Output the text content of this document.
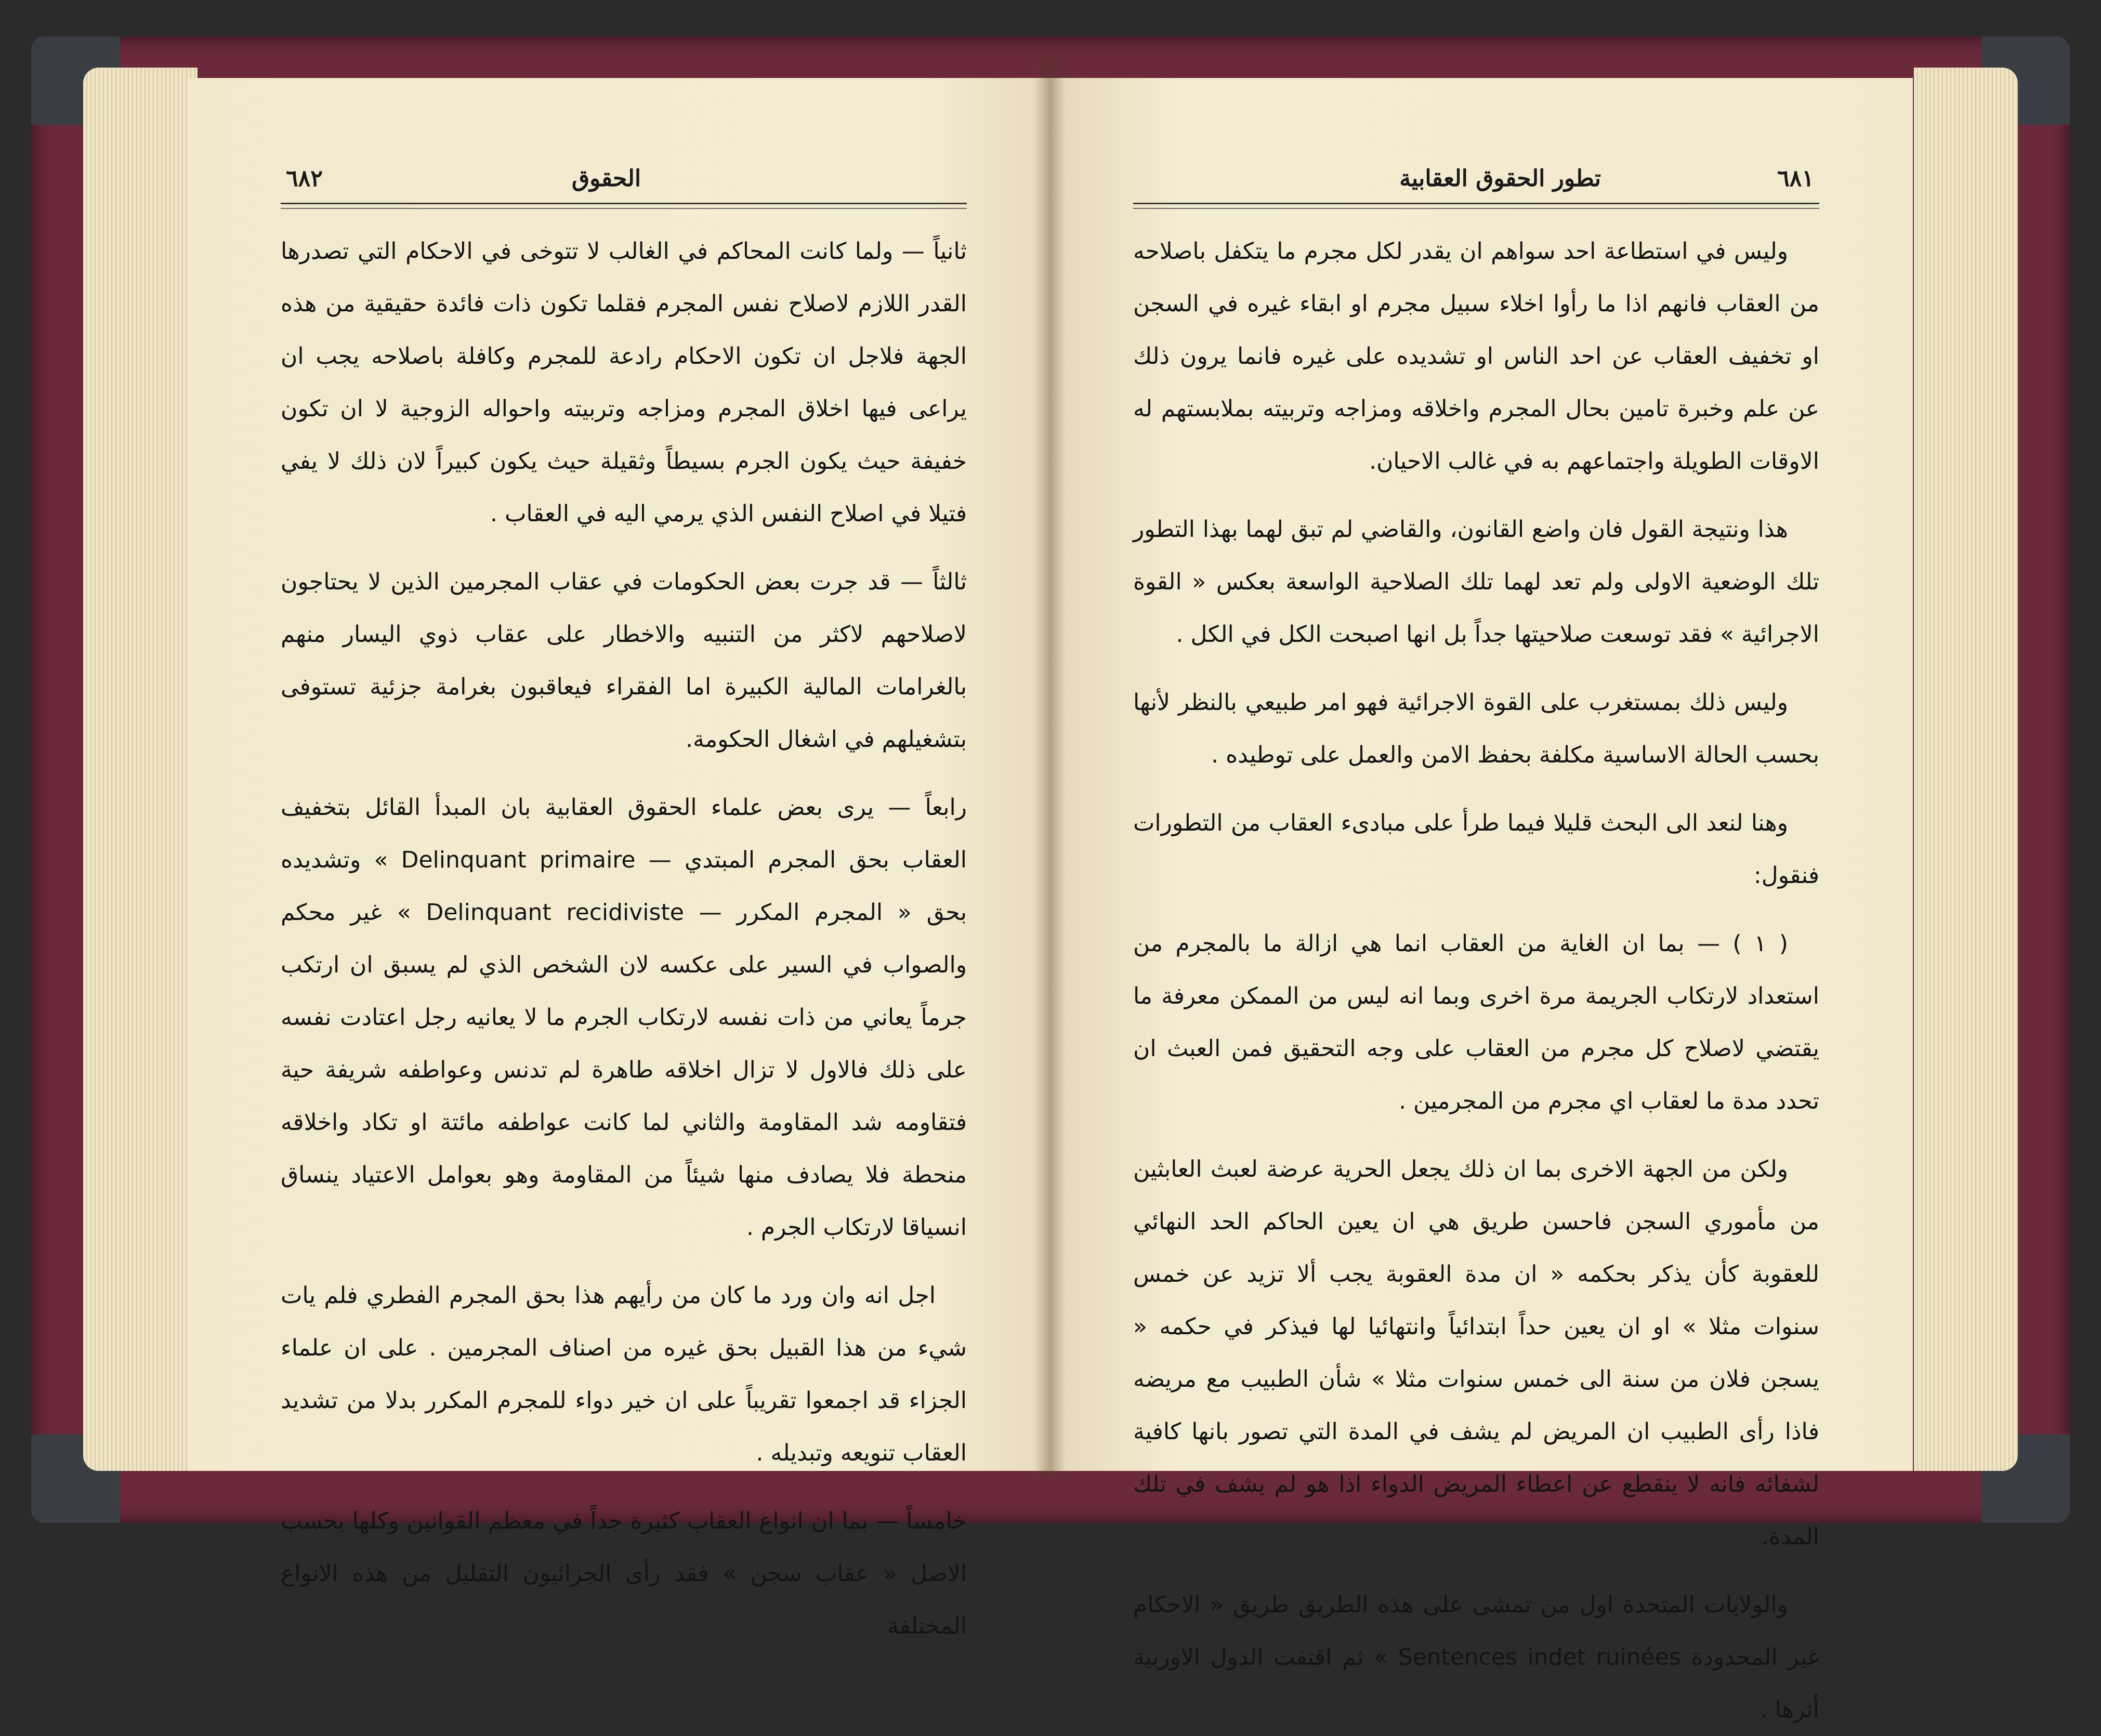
٦٨٢	الحقوق

ثانياً — ولما كانت المحاكم في الغالب لا تتوخى في الاحكام التي تصدرها القدر اللازم لاصلاح نفس المجرم فقلما تكون ذات فائدة حقيقية من هذه الجهة فلاجل ان تكون الاحكام رادعة للمجرم وكافلة باصلاحه يجب ان يراعى فيها اخلاق المجرم ومزاجه وتربيته واحواله الزوجية لا ان تكون خفيفة حيث يكون الجرم بسيطاً وثقيلة حيث يكون كبيراً لان ذلك لا يفي فتيلا في اصلاح النفس الذي يرمي اليه في العقاب .

ثالثاً — قد جرت بعض الحكومات في عقاب المجرمين الذين لا يحتاجون لاصلاحهم لاكثر من التنبيه والاخطار على عقاب ذوي اليسار منهم بالغرامات المالية الكبيرة اما الفقراء فيعاقبون بغرامة جزئية تستوفى بتشغيلهم في اشغال الحكومة.

رابعاً — يرى بعض علماء الحقوق العقابية بان المبدأ القائل بتخفيف العقاب بحق المجرم المبتدي — Delinquant primaire » وتشديده بحق « المجرم المكرر — Delinquant recidiviste » غير محكم والصواب في السير على عكسه لان الشخص الذي لم يسبق ان ارتكب جرماً يعاني من ذات نفسه لارتكاب الجرم ما لا يعانيه رجل اعتادت نفسه على ذلك فالاول لا تزال اخلاقه طاهرة لم تدنس وعواطفه شريفة حية فتقاومه شد المقاومة والثاني لما كانت عواطفه مائتة او تكاد واخلاقه منحطة فلا يصادف منها شيئاً من المقاومة وهو بعوامل الاعتياد ينساق انسياقا لارتكاب الجرم .

اجل انه وان ورد ما كان من رأيهم هذا بحق المجرم الفطري فلم يات شيء من هذا القبيل بحق غيره من اصناف المجرمين . على ان علماء الجزاء قد اجمعوا تقريباً على ان خير دواء للمجرم المكرر بدلا من تشديد العقاب تنويعه وتبديله .

خامساً — بما ان انواع العقاب كثيرة جداً في معظم القوانين وكلها بحسب الاصل « عقاب سجن » فقد رأى الجزائيون التقليل من هذه الانواع المختلفة

٦٨١
تطور الحقوق العقابية

وليس في استطاعة احد سواهم ان يقدر لكل مجرم ما يتكفل باصلاحه من العقاب فانهم اذا ما رأوا اخلاء سبيل مجرم او ابقاء غيره في السجن او تخفيف العقاب عن احد الناس او تشديده على غيره فانما يرون ذلك عن علم وخبرة تامين بحال المجرم واخلاقه ومزاجه وتربيته بملابستهم له الاوقات الطويلة واجتماعهم به في غالب الاحيان.

هذا ونتيجة القول فان واضع القانون، والقاضي لم تبق لهما بهذا التطور تلك الوضعية الاولى ولم تعد لهما تلك الصلاحية الواسعة بعكس « القوة الاجرائية » فقد توسعت صلاحيتها جداً بل انها اصبحت الكل في الكل .

وليس ذلك بمستغرب على القوة الاجرائية فهو امر طبيعي بالنظر لأنها بحسب الحالة الاساسية مكلفة بحفظ الامن والعمل على توطيده .

وهنا لنعد الى البحث قليلا فيما طرأ على مبادىء العقاب من التطورات فنقول:

( ١ ) — بما ان الغاية من العقاب انما هي ازالة ما بالمجرم من استعداد لارتكاب الجريمة مرة اخرى وبما انه ليس من الممكن معرفة ما يقتضي لاصلاح كل مجرم من العقاب على وجه التحقيق فمن العبث ان تحدد مدة ما لعقاب اي مجرم من المجرمين .

ولكن من الجهة الاخرى بما ان ذلك يجعل الحرية عرضة لعبث العابثين من مأموري السجن فاحسن طريق هي ان يعين الحاكم الحد النهائي للعقوبة كأن يذكر بحكمه « ان مدة العقوبة يجب ألا تزيد عن خمس سنوات مثلا » او ان يعين حداً ابتدائياً وانتهائيا لها فيذكر في حكمه « يسجن فلان من سنة الى خمس سنوات مثلا » شأن الطبيب مع مريضه فاذا رأى الطبيب ان المريض لم يشف في المدة التي تصور بانها كافية لشفائه فانه لا ينقطع عن اعطاء المريض الدواء اذا هو لم يشف في تلك المدة.

والولايات المتحدة اول من تمشى على هذه الطريق طريق « الاحكام غير المحدودة Sentences indet ruinées » ثم اقتفت الدول الاوربية أثرها .
